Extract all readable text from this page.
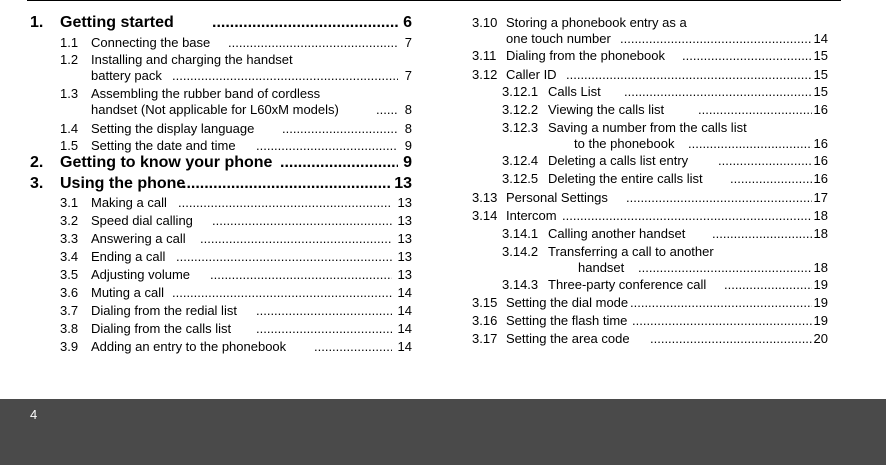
1. Getting started .....	6
1.1 Connecting the base .....	7
1.2 Installing and charging the handset
battery pack .....	7
1.3 Assembling the rubber band of cordless
handset (Not applicable for L60xM models) .....	8
1.4 Setting the display language .....	8
1.5 Setting the date and time .....	9
2. Getting to know your phone .....	9
3. Using the phone .....	13
3.1 Making a call .....	13
3.2 Speed dial calling .....	13
3.3 Answering a call .....	13
3.4 Ending a call .....	13
3.5 Adjusting volume .....	13
3.6 Muting a call .....	14
3.7 Dialing from the redial list .....	14
3.8 Dialing from the calls list .....	14
3.9 Adding an entry to the phonebook .....	14
3.10 Storing a phonebook entry as a
one touch number .....	14
3.11 Dialing from the phonebook .....	15
3.12 Caller ID .....	15
3.12.1 Calls List .....	15
3.12.2 Viewing the calls list .....	16
3.12.3 Saving a number from the calls list
to the phonebook .....	16
3.12.4 Deleting a calls list entry .....	16
3.12.5 Deleting the entire calls list .....	16
3.13 Personal Settings .....	17
3.14 Intercom .....	18
3.14.1 Calling another handset .....	18
3.14.2 Transferring a call to another
handset .....	18
3.14.3 Three-party conference call .....	19
3.15 Setting the dial mode .....	19
3.16 Setting the flash time .....	19
3.17 Setting the area code .....	20
4
